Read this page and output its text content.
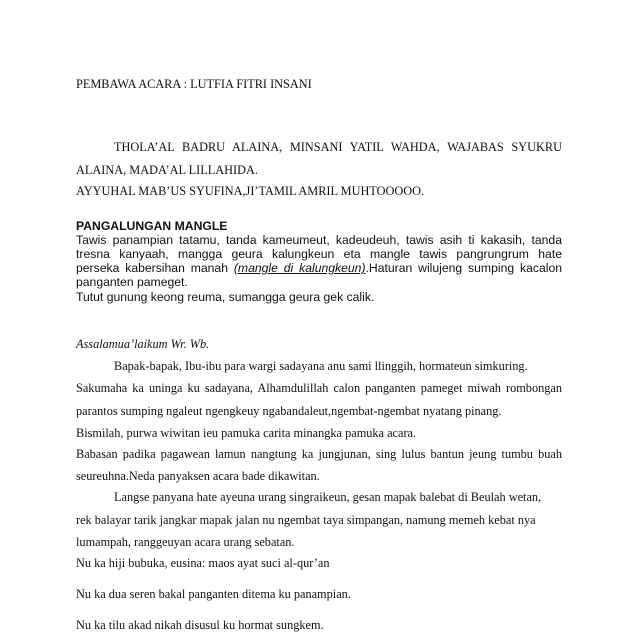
PEMBAWA ACARA : LUTFIA FITRI INSANI
THOLA’AL BADRU ALAINA, MINSANI YATIL WAHDA, WAJABAS SYUKRU
ALAINA, MADA’AL LILLAHIDA.
AYYUHAL MAB’US SYUFINA,JI’TAMIL AMRIL MUHTOOOOO.
PANGALUNGAN MANGLE
Tawis panampian tatamu, tanda kameumeut, kadeudeuh, tawis asih ti kakasih, tanda
tresna kanyaah, mangga geura kalungkeun eta mangle tawis pangrungrum hate
perseka kabersihan manah (mangle di kalungkeun).Haturan wilujeng sumping kacalon
panganten pameget.
Tutut gunung keong reuma, sumangga geura gek calik.
Assalamua’laikum Wr. Wb.
Bapak-bapak, Ibu-ibu para wargi sadayana anu sami llinggih, hormateun simkuring.
Sakumaha ka uninga ku sadayana, Alhamdulillah calon panganten pameget miwah rombongan
parantos sumping ngaleut ngengkeuy ngabandaleut,ngembat-ngembat nyatang pinang.
Bismilah, purwa wiwitan ieu pamuka carita minangka pamuka acara.
Babasan padika pagawean lamun nangtung ka jungjunan, sing lulus bantun jeung tumbu buah
seureuhna.Neda panyaksen acara bade dikawitan.
Langse panyana hate ayeuna urang singraikeun, gesan mapak balebat di Beulah wetan,
rek balayar tarik jangkar mapak jalan nu ngembat taya simpangan, namung memeh kebat nya
lumampah, ranggeuyan acara urang sebatan.
Nu ka hiji bubuka, eusina: maos ayat suci al-qur’an
Nu ka dua seren bakal panganten ditema ku panampian.
Nu ka tilu akad nikah disusul ku hormat sungkem.
